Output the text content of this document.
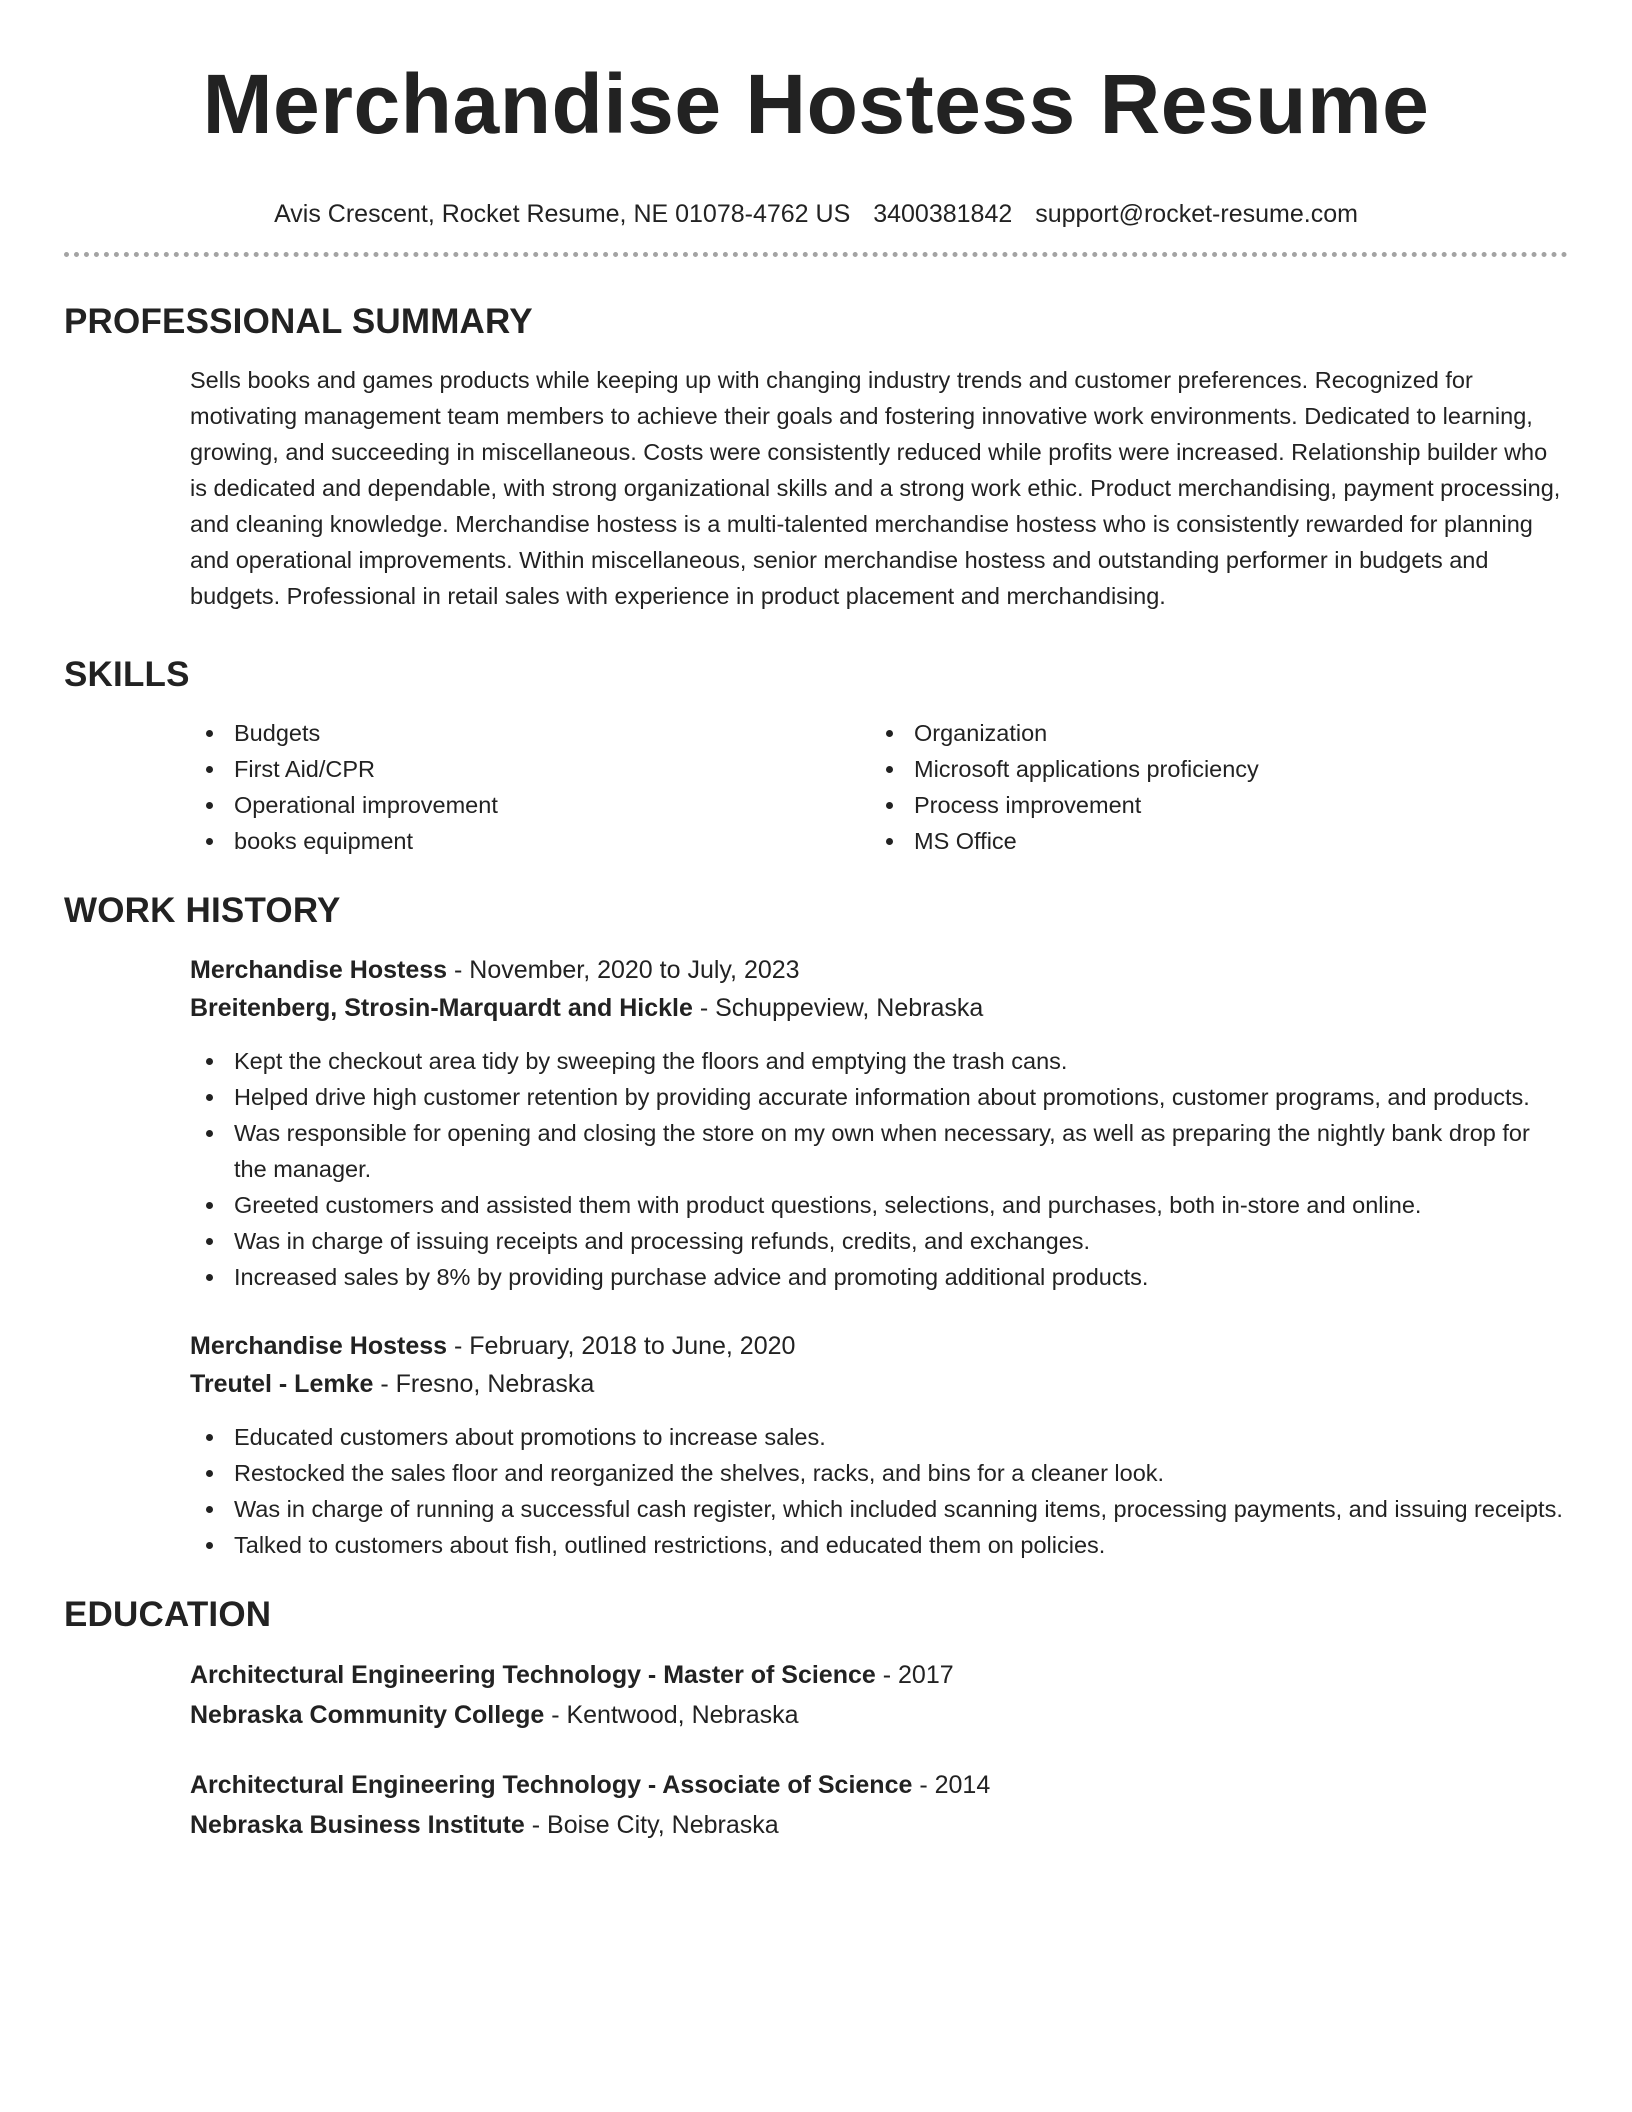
Merchandise Hostess Resume
Avis Crescent, Rocket Resume, NE 01078-4762 US 3400381842 support@rocket-resume.com
PROFESSIONAL SUMMARY

Sells books and games products while keeping up with changing industry trends and customer preferences. Recognized for motivating management team members to achieve their goals and fostering innovative work environments. Dedicated to learning, growing, and succeeding in miscellaneous. Costs were consistently reduced while profits were increased. Relationship builder who is dedicated and dependable, with strong organizational skills and a strong work ethic. Product merchandising, payment processing, and cleaning knowledge. Merchandise hostess is a multi-talented merchandise hostess who is consistently rewarded for planning and operational improvements. Within miscellaneous, senior merchandise hostess and outstanding performer in budgets and budgets. Professional in retail sales with experience in product placement and merchandising.

SKILLS
Budgets
First Aid/CPR
Operational improvement
books equipment
Organization
Microsoft applications proficiency
Process improvement
MS Office
WORK HISTORY
Merchandise Hostess - November, 2020 to July, 2023
Breitenberg, Strosin-Marquardt and Hickle - Schuppeview, Nebraska
Kept the checkout area tidy by sweeping the floors and emptying the trash cans.
Helped drive high customer retention by providing accurate information about promotions, customer programs, and products.
Was responsible for opening and closing the store on my own when necessary, as well as preparing the nightly bank drop for the manager.
Greeted customers and assisted them with product questions, selections, and purchases, both in-store and online.
Was in charge of issuing receipts and processing refunds, credits, and exchanges.
Increased sales by 8% by providing purchase advice and promoting additional products.
Merchandise Hostess - February, 2018 to June, 2020
Treutel - Lemke - Fresno, Nebraska
Educated customers about promotions to increase sales.
Restocked the sales floor and reorganized the shelves, racks, and bins for a cleaner look.
Was in charge of running a successful cash register, which included scanning items, processing payments, and issuing receipts.
Talked to customers about fish, outlined restrictions, and educated them on policies.
EDUCATION
Architectural Engineering Technology - Master of Science - 2017
Nebraska Community College - Kentwood, Nebraska
Architectural Engineering Technology - Associate of Science - 2014
Nebraska Business Institute - Boise City, Nebraska
